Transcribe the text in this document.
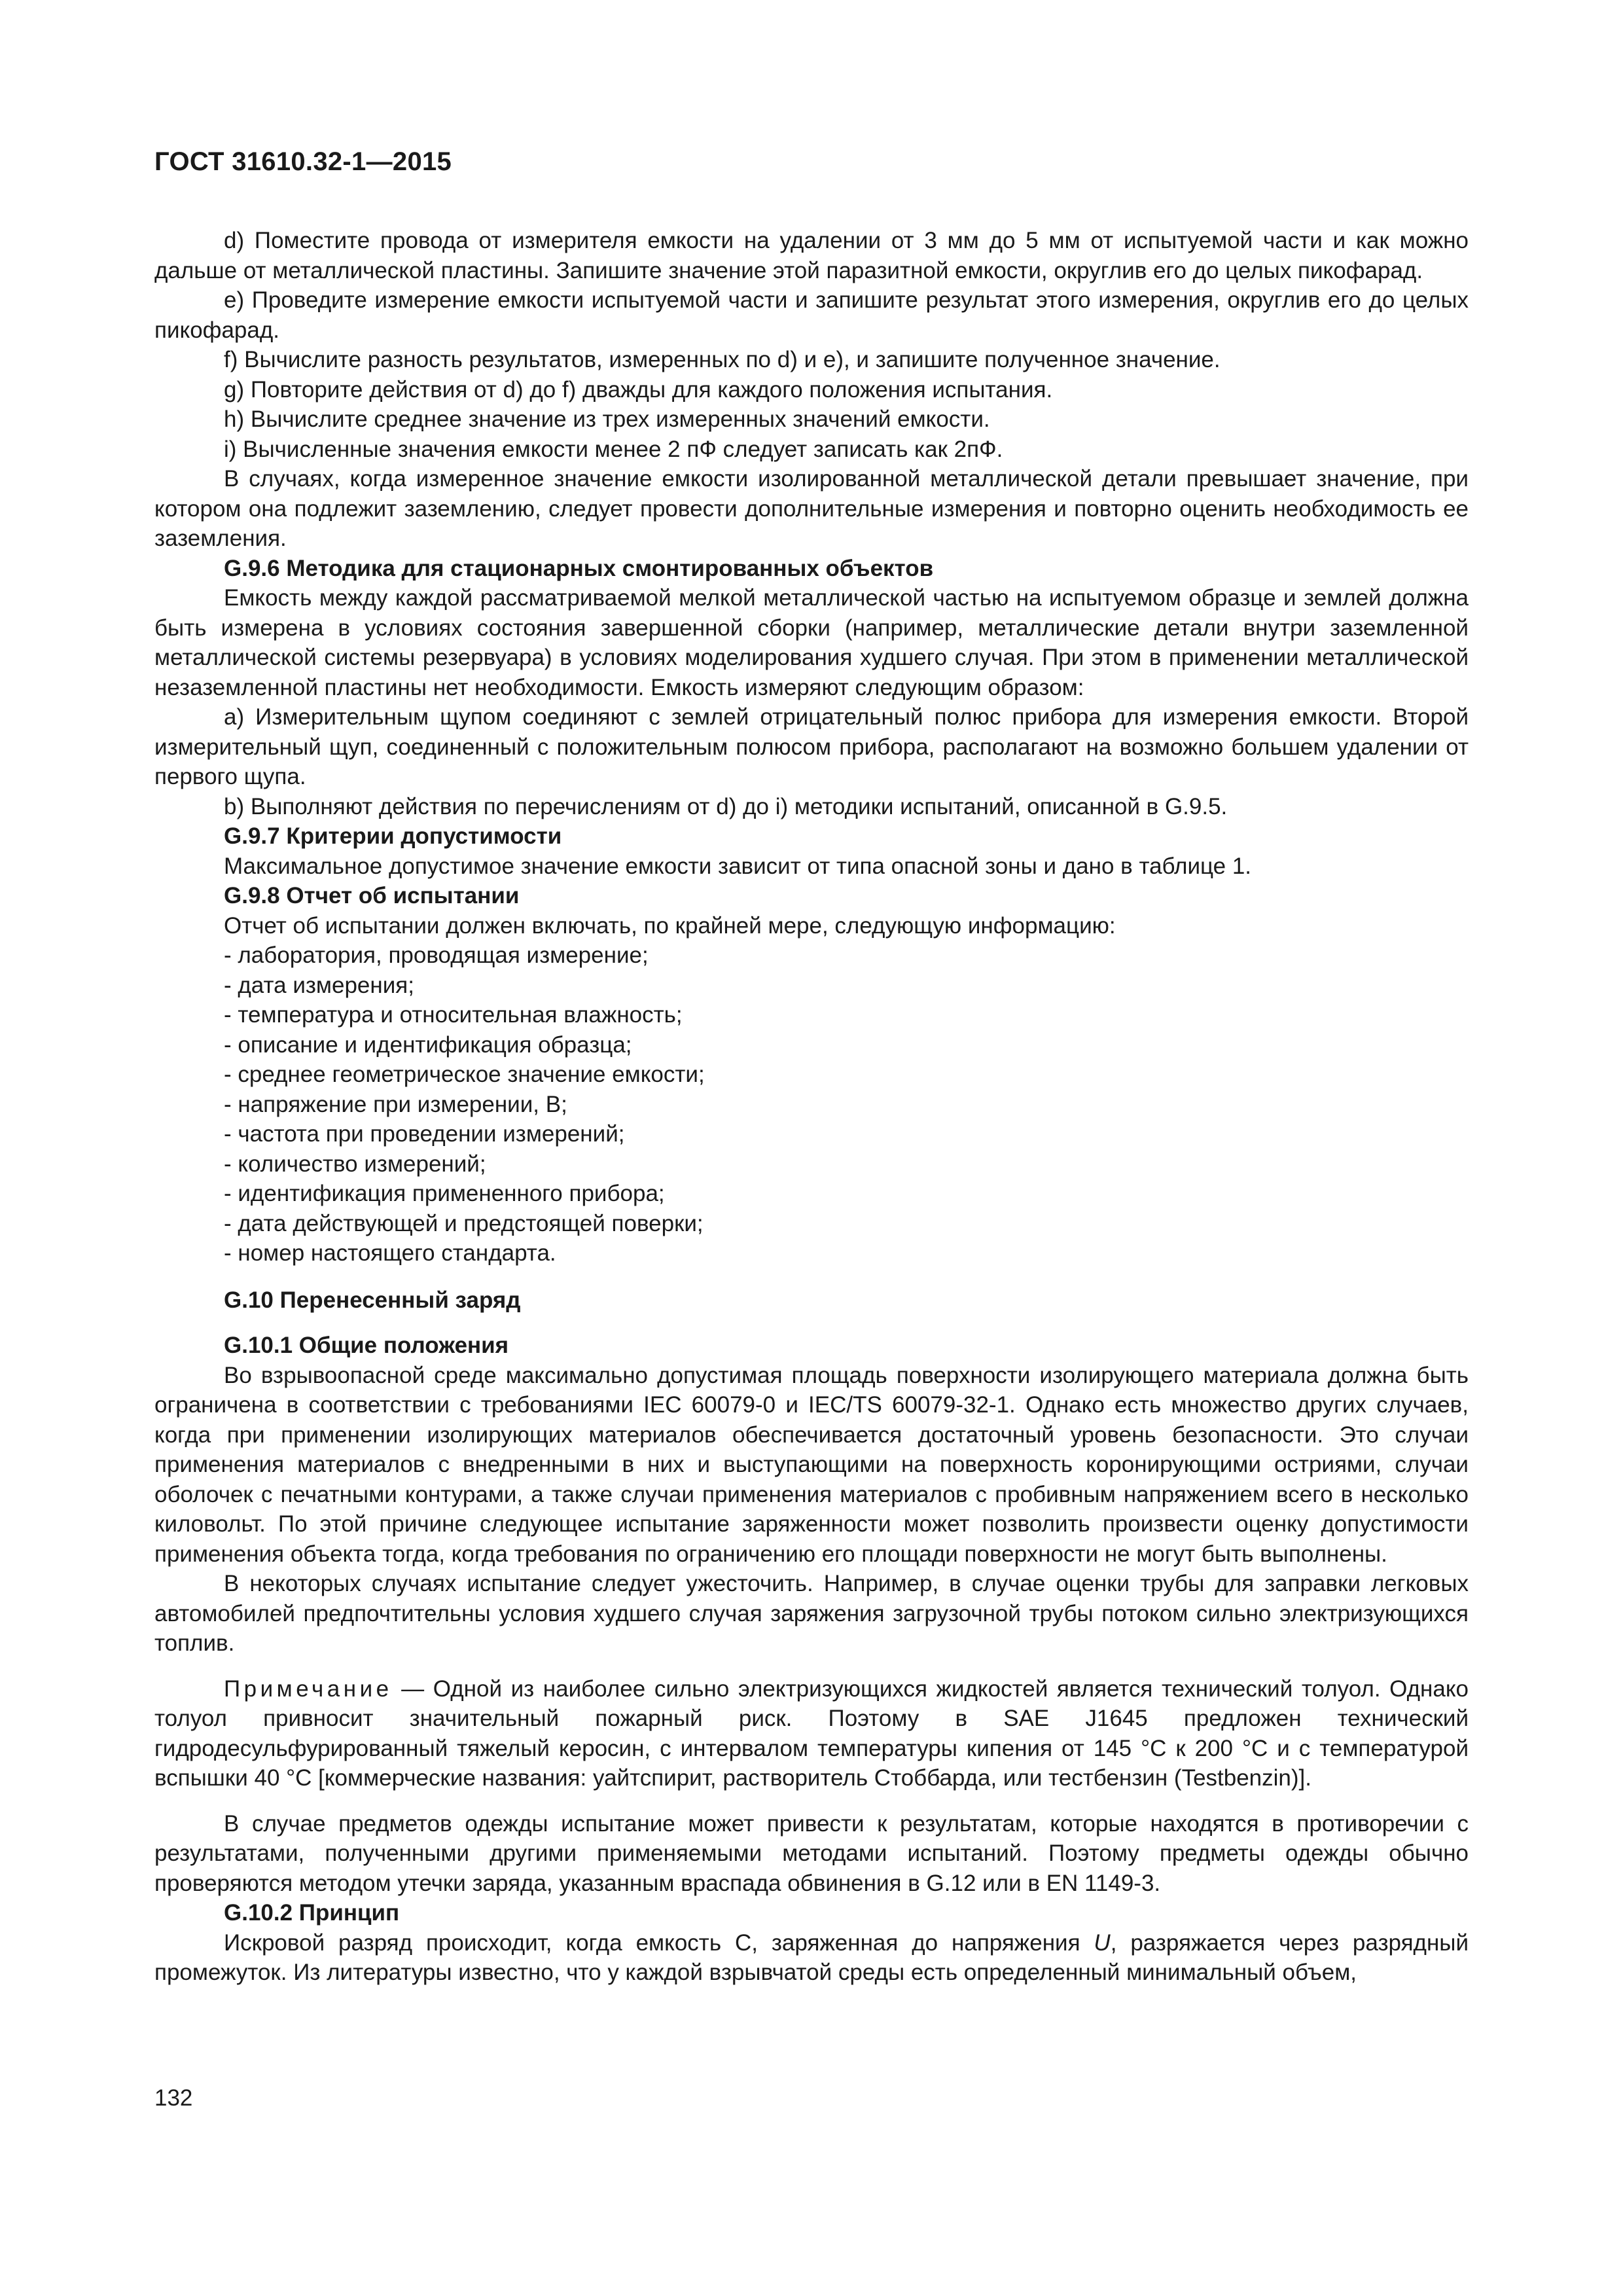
ГОСТ 31610.32-1—2015

d) Поместите провода от измерителя емкости на удалении от 3 мм до 5 мм от испытуемой части и как можно дальше от металлической пластины. Запишите значение этой паразитной емкости, округлив его до целых пикофарад.

e) Проведите измерение емкости испытуемой части и запишите результат этого измерения, округлив его до целых пикофарад.

f) Вычислите разность результатов, измеренных по d) и e), и запишите полученное значение.

g) Повторите действия от d) до f) дважды для каждого положения испытания.

h) Вычислите среднее значение из трех измеренных значений емкости.

i) Вычисленные значения емкости менее 2 пФ следует записать как 2пФ.

В случаях, когда измеренное значение емкости изолированной металлической детали превышает значение, при котором она подлежит заземлению, следует провести дополнительные измерения и повторно оценить необходимость ее заземления.

G.9.6 Методика для стационарных смонтированных объектов

Емкость между каждой рассматриваемой мелкой металлической частью на испытуемом образце и землей должна быть измерена в условиях состояния завершенной сборки (например, металлические детали внутри заземленной металлической системы резервуара) в условиях моделирования худшего случая. При этом в применении металлической незаземленной пластины нет необходимости. Емкость измеряют следующим образом:

a) Измерительным щупом соединяют с землей отрицательный полюс прибора для измерения емкости. Второй измерительный щуп, соединенный с положительным полюсом прибора, располагают на возможно большем удалении от первого щупа.

b) Выполняют действия по перечислениям от d) до i) методики испытаний, описанной в G.9.5.

G.9.7 Критерии допустимости

Максимальное допустимое значение емкости зависит от типа опасной зоны и дано в таблице 1.

G.9.8 Отчет об испытании

Отчет об испытании должен включать, по крайней мере, следующую информацию:

- лаборатория, проводящая измерение;
- дата измерения;
- температура и относительная влажность;
- описание и идентификация образца;
- среднее геометрическое значение емкости;
- напряжение при измерении, В;
- частота при проведении измерений;
- количество измерений;
- идентификация примененного прибора;
- дата действующей и предстоящей поверки;
- номер настоящего стандарта.
G.10 Перенесенный заряд
G.10.1 Общие положения

Во взрывоопасной среде максимально допустимая площадь поверхности изолирующего материала должна быть ограничена в соответствии с требованиями IEC 60079-0 и IEC/TS 60079-32-1. Однако есть множество других случаев, когда при применении изолирующих материалов обеспечивается достаточный уровень безопасности. Это случаи применения материалов с внедренными в них и выступающими на поверхность коронирующими остриями, случаи оболочек с печатными контурами, а также случаи применения материалов с пробивным напряжением всего в несколько киловольт. По этой причине следующее испытание заряженности может позволить произвести оценку допустимости применения объекта тогда, когда требования по ограничению его площади поверхности не могут быть выполнены.

В некоторых случаях испытание следует ужесточить. Например, в случае оценки трубы для заправки легковых автомобилей предпочтительны условия худшего случая заряжения загрузочной трубы потоком сильно электризующихся топлив.

Примечание — Одной из наиболее сильно электризующихся жидкостей является технический толуол. Однако толуол привносит значительный пожарный риск. Поэтому в SAE J1645 предложен технический гидродесульфурированный тяжелый керосин, с интервалом температуры кипения от 145 °С к 200 °С и с температурой вспышки 40 °С [коммерческие названия: уайтспирит, растворитель Стоббарда, или тестбензин (Testbenzin)].

В случае предметов одежды испытание может привести к результатам, которые находятся в противоречии с результатами, полученными другими применяемыми методами испытаний. Поэтому предметы одежды обычно проверяются методом утечки заряда, указанным враспада обвинения в G.12 или в EN 1149-3.

G.10.2 Принцип

Искровой разряд происходит, когда емкость С, заряженная до напряжения U, разряжается через разрядный промежуток. Из литературы известно, что у каждой взрывчатой среды есть определенный минимальный объем,

132
